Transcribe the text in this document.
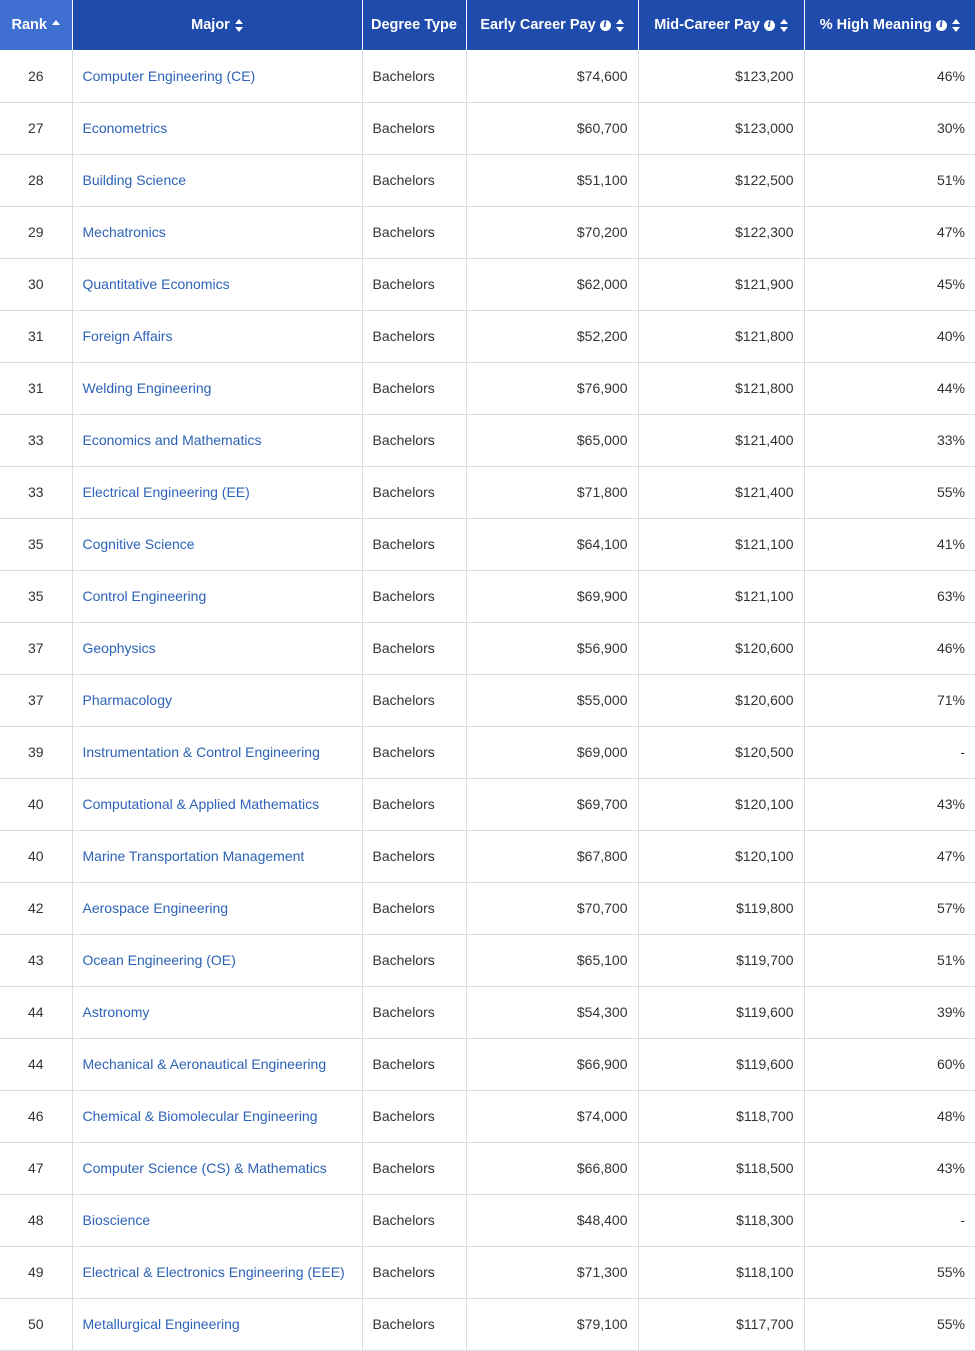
Rank	Major	Degree Type	Early Career Pay i	Mid-Career Pay i	% High Meaning i

26	Computer Engineering (CE)	Bachelors	$74,600	$123,200	46%
27	Econometrics	Bachelors	$60,700	$123,000	30%
28	Building Science	Bachelors	$51,100	$122,500	51%
29	Mechatronics	Bachelors	$70,200	$122,300	47%
30	Quantitative Economics	Bachelors	$62,000	$121,900	45%
31	Foreign Affairs	Bachelors	$52,200	$121,800	40%
31	Welding Engineering	Bachelors	$76,900	$121,800	44%
33	Economics and Mathematics	Bachelors	$65,000	$121,400	33%
33	Electrical Engineering (EE)	Bachelors	$71,800	$121,400	55%
35	Cognitive Science	Bachelors	$64,100	$121,100	41%
35	Control Engineering	Bachelors	$69,900	$121,100	63%
37	Geophysics	Bachelors	$56,900	$120,600	46%
37	Pharmacology	Bachelors	$55,000	$120,600	71%
39	Instrumentation & Control Engineering	Bachelors	$69,000	$120,500	-
40	Computational & Applied Mathematics	Bachelors	$69,700	$120,100	43%
40	Marine Transportation Management	Bachelors	$67,800	$120,100	47%
42	Aerospace Engineering	Bachelors	$70,700	$119,800	57%
43	Ocean Engineering (OE)	Bachelors	$65,100	$119,700	51%
44	Astronomy	Bachelors	$54,300	$119,600	39%
44	Mechanical & Aeronautical Engineering	Bachelors	$66,900	$119,600	60%
46	Chemical & Biomolecular Engineering	Bachelors	$74,000	$118,700	48%
47	Computer Science (CS) & Mathematics	Bachelors	$66,800	$118,500	43%
48	Bioscience	Bachelors	$48,400	$118,300	-
49	Electrical & Electronics Engineering (EEE)	Bachelors	$71,300	$118,100	55%
50	Metallurgical Engineering	Bachelors	$79,100	$117,700	55%
